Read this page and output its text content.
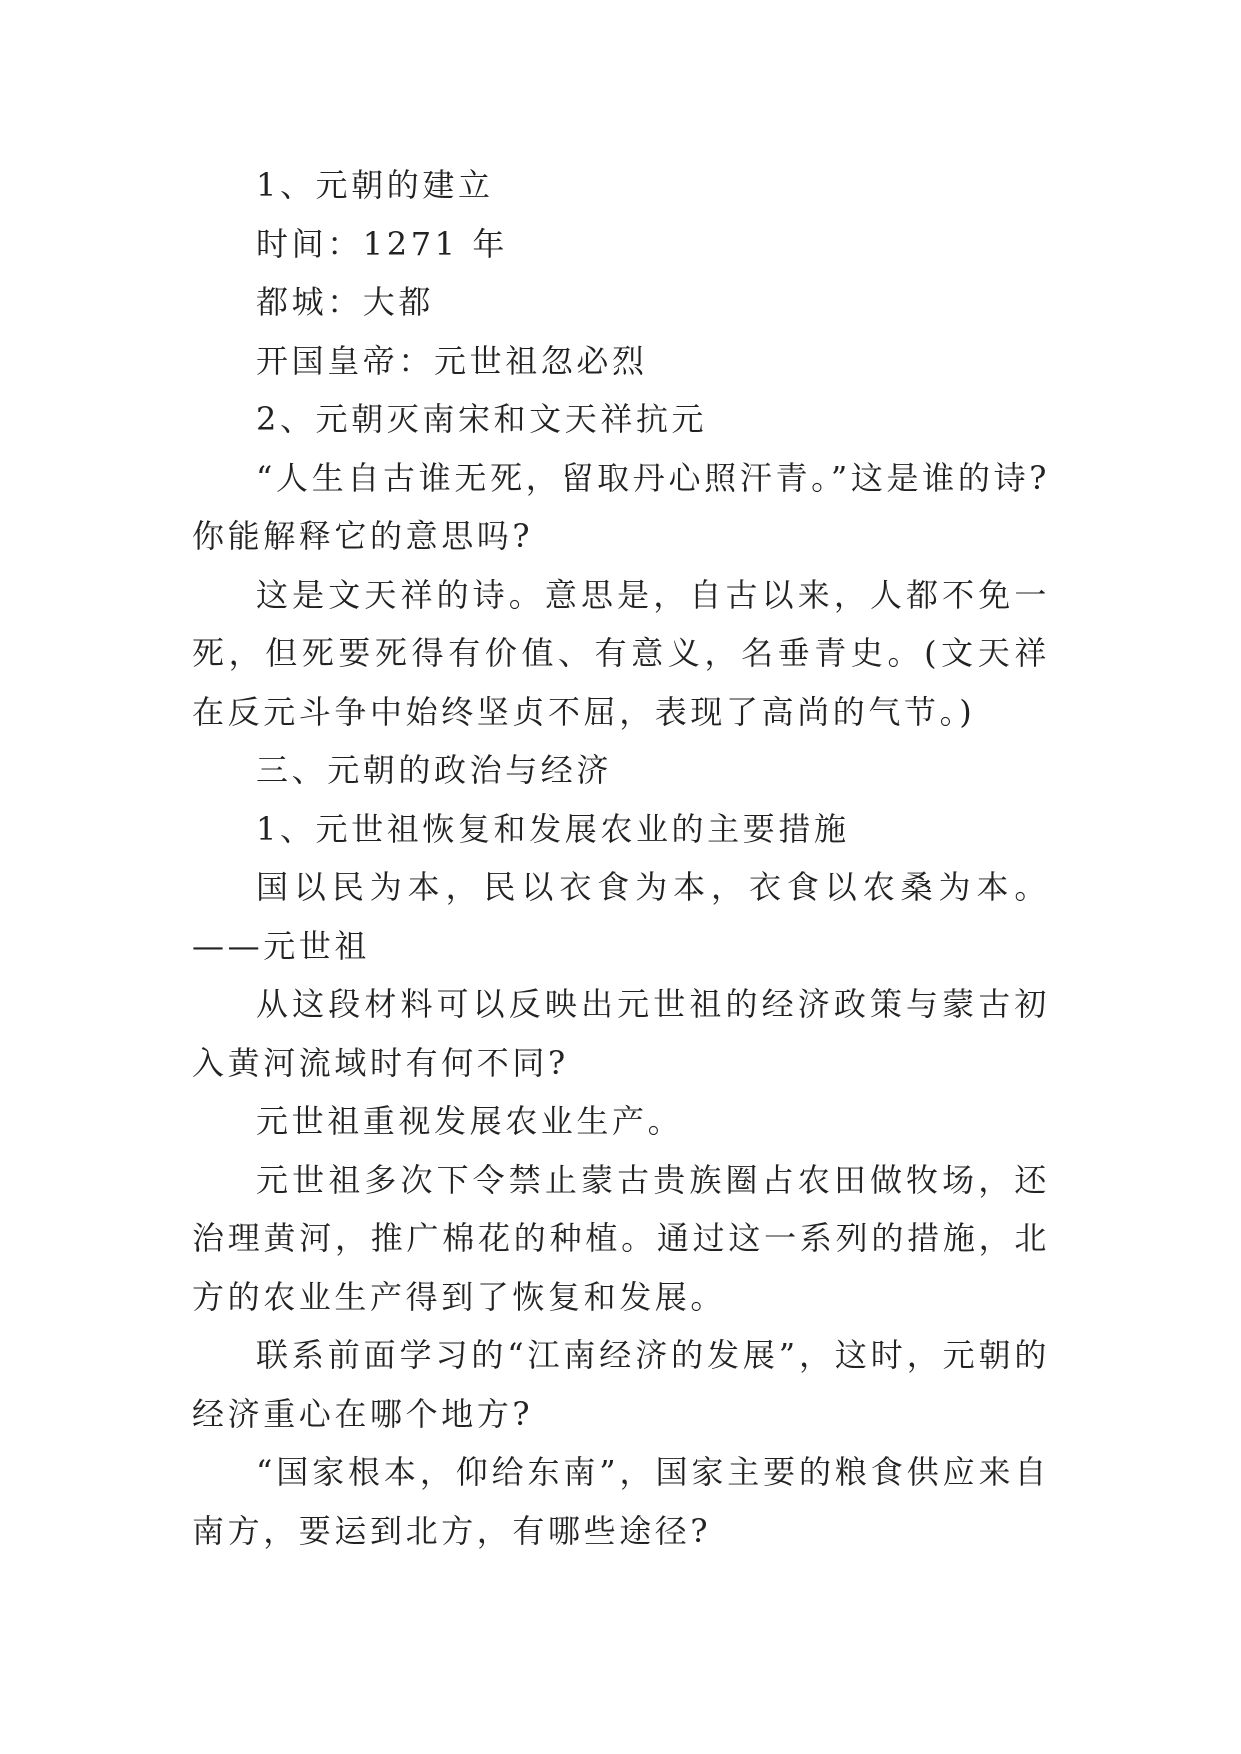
1、元朝的建立

时间：1271 年

都城：大都

开国皇帝：元世祖忽必烈

2、元朝灭南宋和文天祥抗元

“人生自古谁无死，留取丹心照汗青。”这是谁的诗?你能解释它的意思吗?

这是文天祥的诗。意思是，自古以来，人都不免一死，但死要死得有价值、有意义，名垂青史。(文天祥在反元斗争中始终坚贞不屈，表现了高尚的气节。)

三、元朝的政治与经济

1、元世祖恢复和发展农业的主要措施

国以民为本，民以衣食为本，衣食以农桑为本。——元世祖

从这段材料可以反映出元世祖的经济政策与蒙古初入黄河流域时有何不同?

元世祖重视发展农业生产。

元世祖多次下令禁止蒙古贵族圈占农田做牧场，还治理黄河，推广棉花的种植。通过这一系列的措施，北方的农业生产得到了恢复和发展。

联系前面学习的“江南经济的发展”，这时，元朝的经济重心在哪个地方?

“国家根本，仰给东南”，国家主要的粮食供应来自南方，要运到北方，有哪些途径?
